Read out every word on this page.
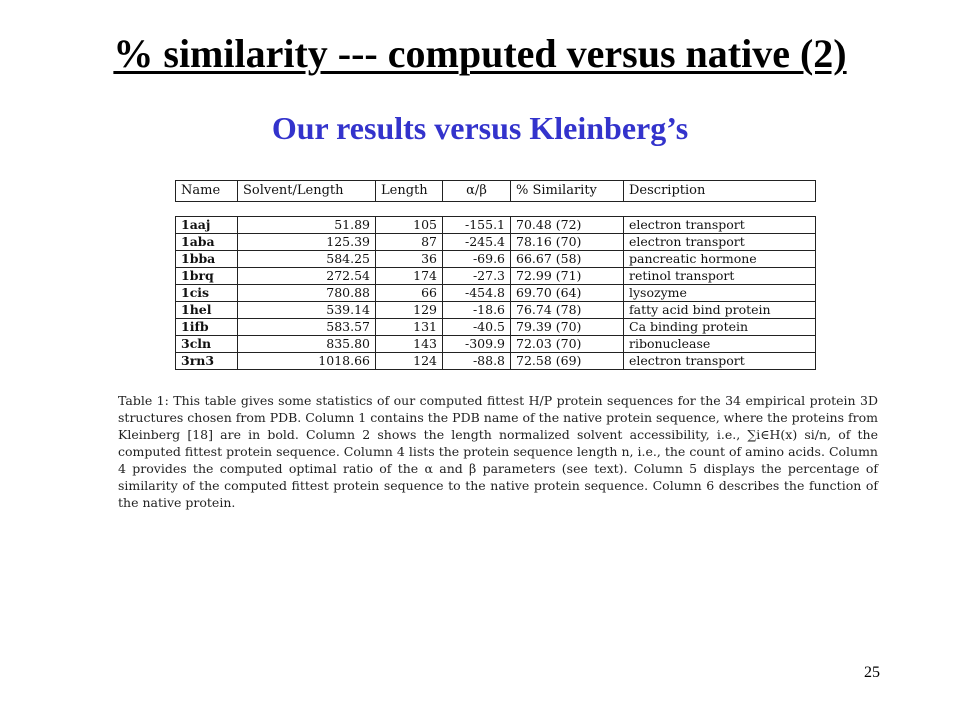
% similarity --- computed versus native (2)
Our results versus Kleinberg’s
Name	Solvent/Length	Length	α/β	% Similarity	Description
1aaj	51.89	105	-155.1	70.48 (72)	electron transport
1aba	125.39	87	-245.4	78.16 (70)	electron transport
1bba	584.25	36	-69.6	66.67 (58)	pancreatic hormone
1brq	272.54	174	-27.3	72.99 (71)	retinol transport
1cis	780.88	66	-454.8	69.70 (64)	lysozyme
1hel	539.14	129	-18.6	76.74 (78)	fatty acid bind protein
1ifb	583.57	131	-40.5	79.39 (70)	Ca binding protein
3cln	835.80	143	-309.9	72.03 (70)	ribonuclease
3rn3	1018.66	124	-88.8	72.58 (69)	electron transport
Table 1: This table gives some statistics of our computed fittest H/P protein sequences for the 34 empirical protein 3D structures chosen from PDB. Column 1 contains the PDB name of the native protein sequence, where the proteins from Kleinberg [18] are in bold. Column 2 shows the length normalized solvent accessibility, i.e., ∑i∈H(x) si/n, of the computed fittest protein sequence. Column 4 lists the protein sequence length n, i.e., the count of amino acids. Column 4 provides the computed optimal ratio of the α and β parameters (see text). Column 5 displays the percentage of similarity of the computed fittest protein sequence to the native protein sequence. Column 6 describes the function of the native protein.
25
